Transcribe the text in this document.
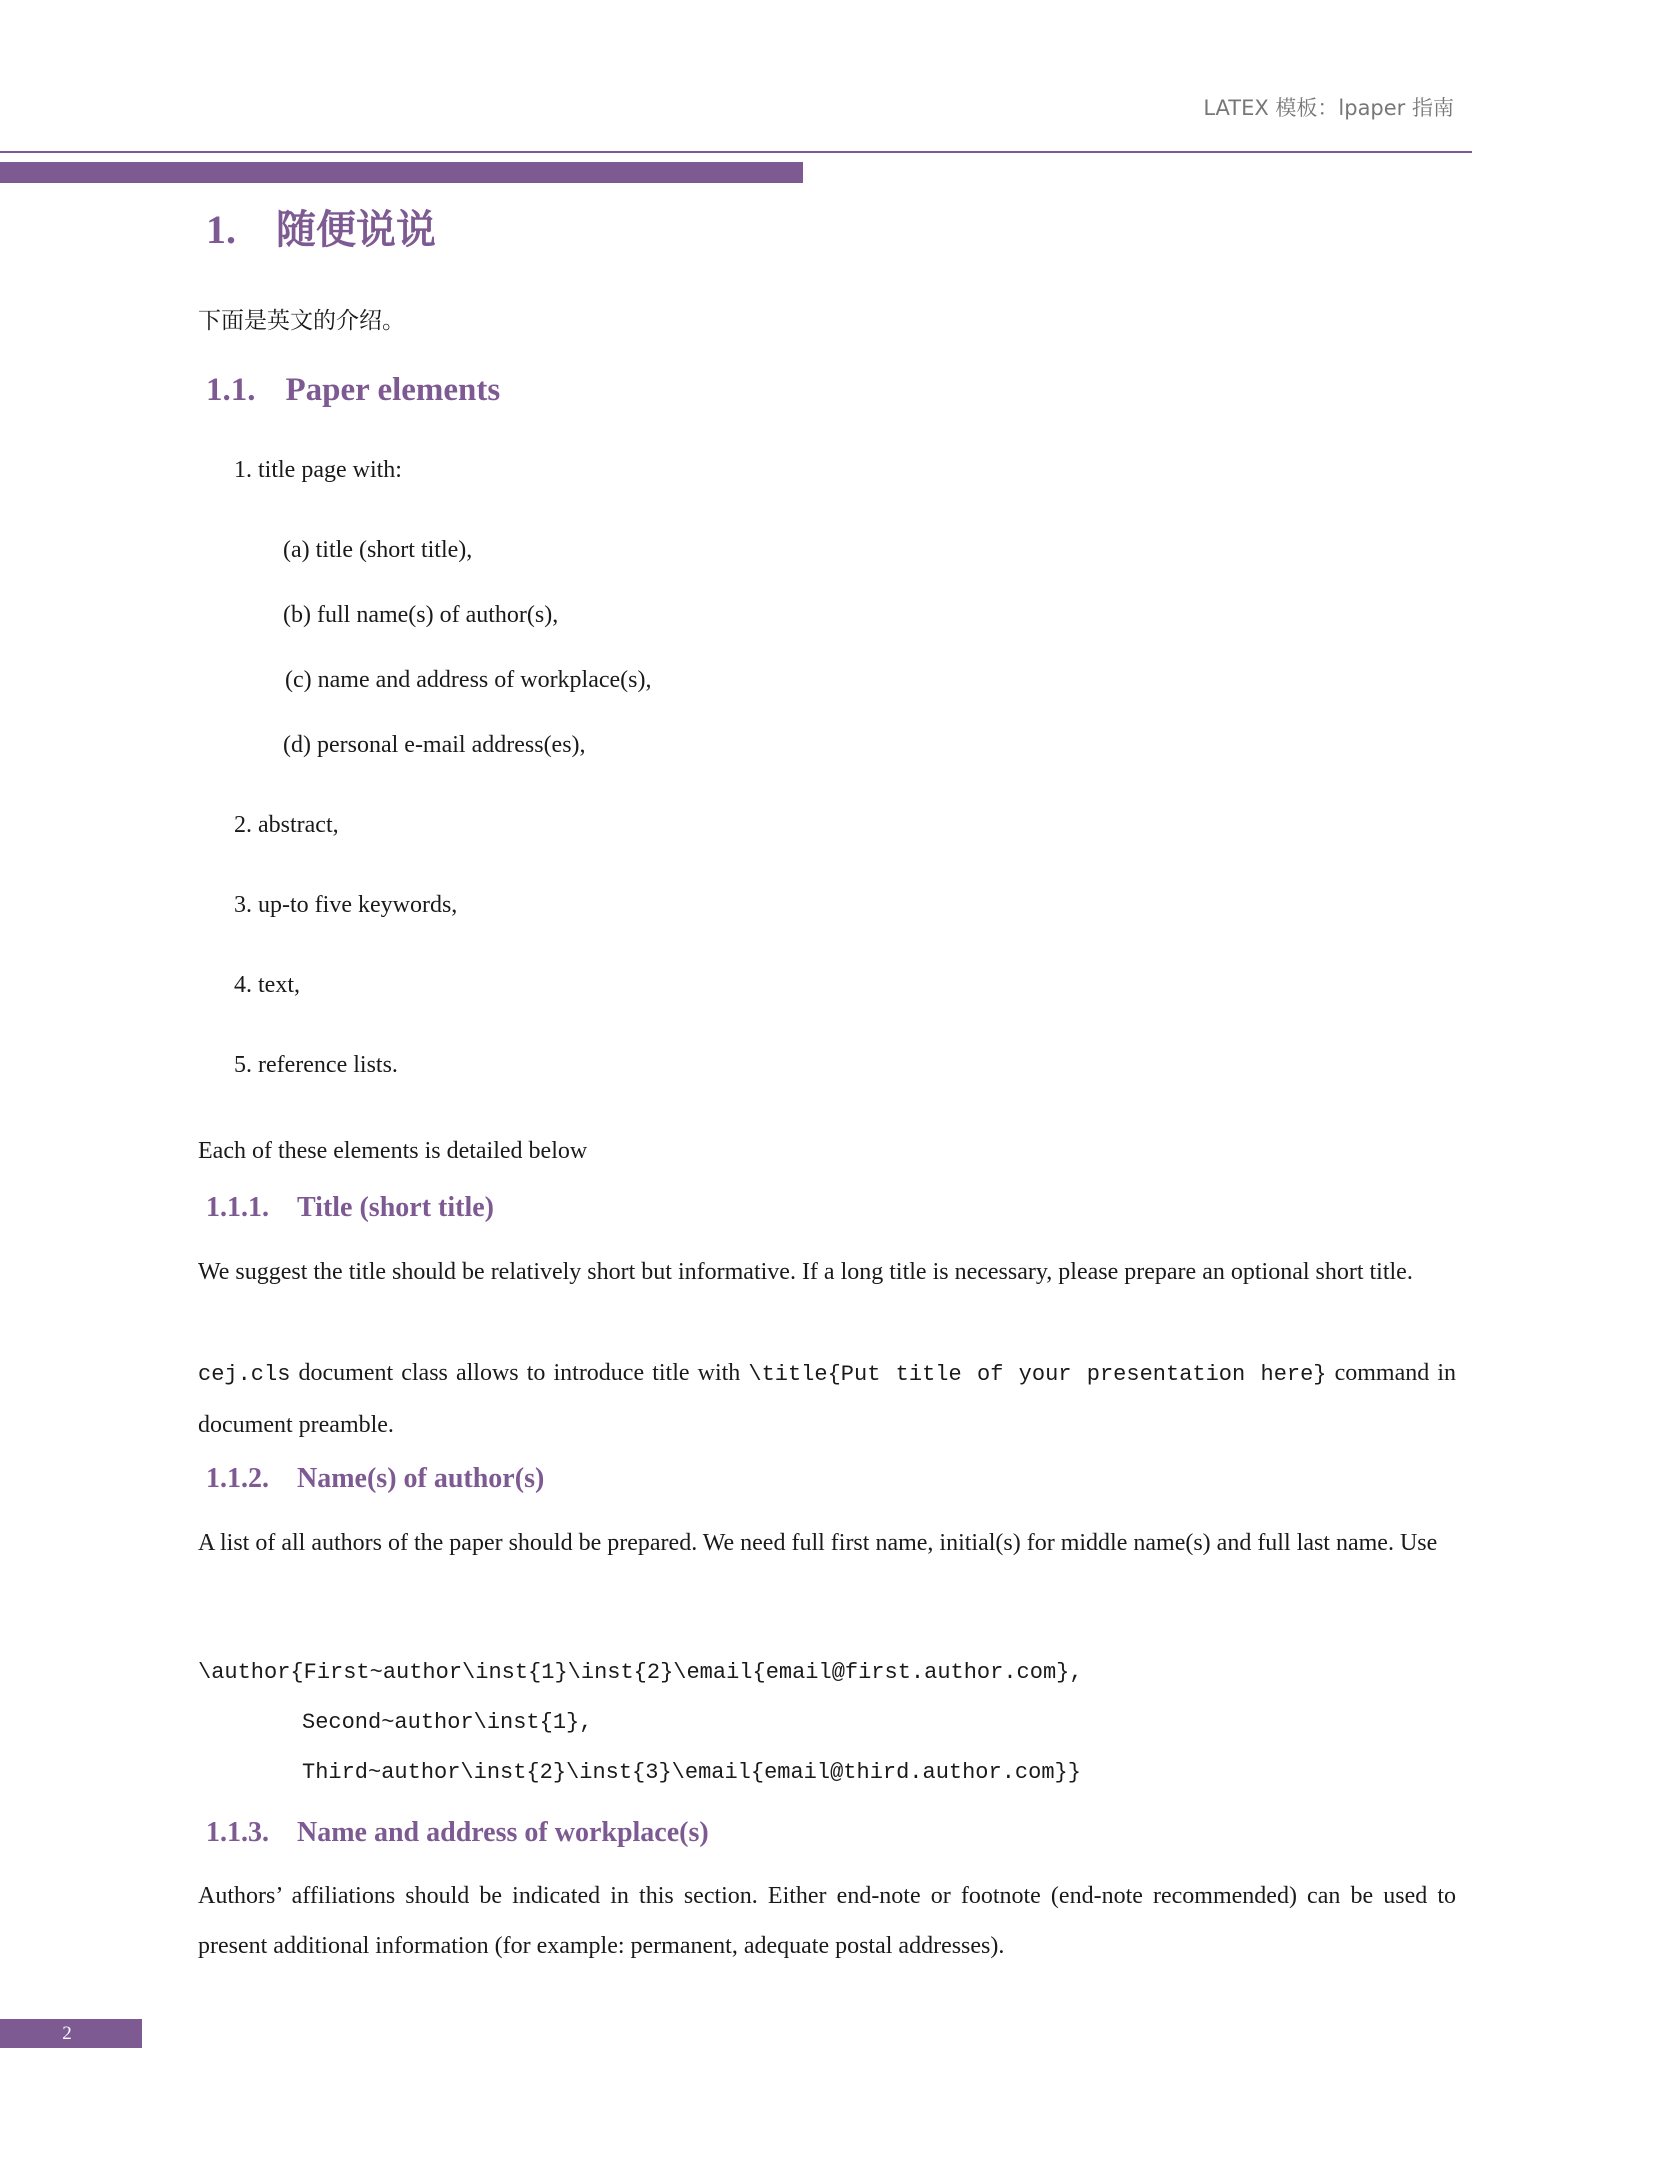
LATEX 模板：lpaper 指南
1. 随便说说
下面是英文的介绍。
1.1. Paper elements
1. title page with:
(a) title (short title),
(b) full name(s) of author(s),
(c) name and address of workplace(s),
(d) personal e-mail address(es),
2. abstract,
3. up-to five keywords,
4. text,
5. reference lists.
Each of these elements is detailed below
1.1.1. Title (short title)
We suggest the title should be relatively short but informative. If a long title is necessary, please prepare an optional short title.
cej.cls document class allows to introduce title with \title{Put title of your presentation here} command in document preamble.
1.1.2. Name(s) of author(s)
A list of all authors of the paper should be prepared. We need full first name, initial(s) for middle name(s) and full last name. Use
\author{First~author\inst{1}\inst{2}\email{email@first.author.com},
Second~author\inst{1},
Third~author\inst{2}\inst{3}\email{email@third.author.com}}
1.1.3. Name and address of workplace(s)
Authors’ affiliations should be indicated in this section. Either end-note or footnote (end-note recommended) can be used to present additional information (for example: permanent, adequate postal addresses).
2
